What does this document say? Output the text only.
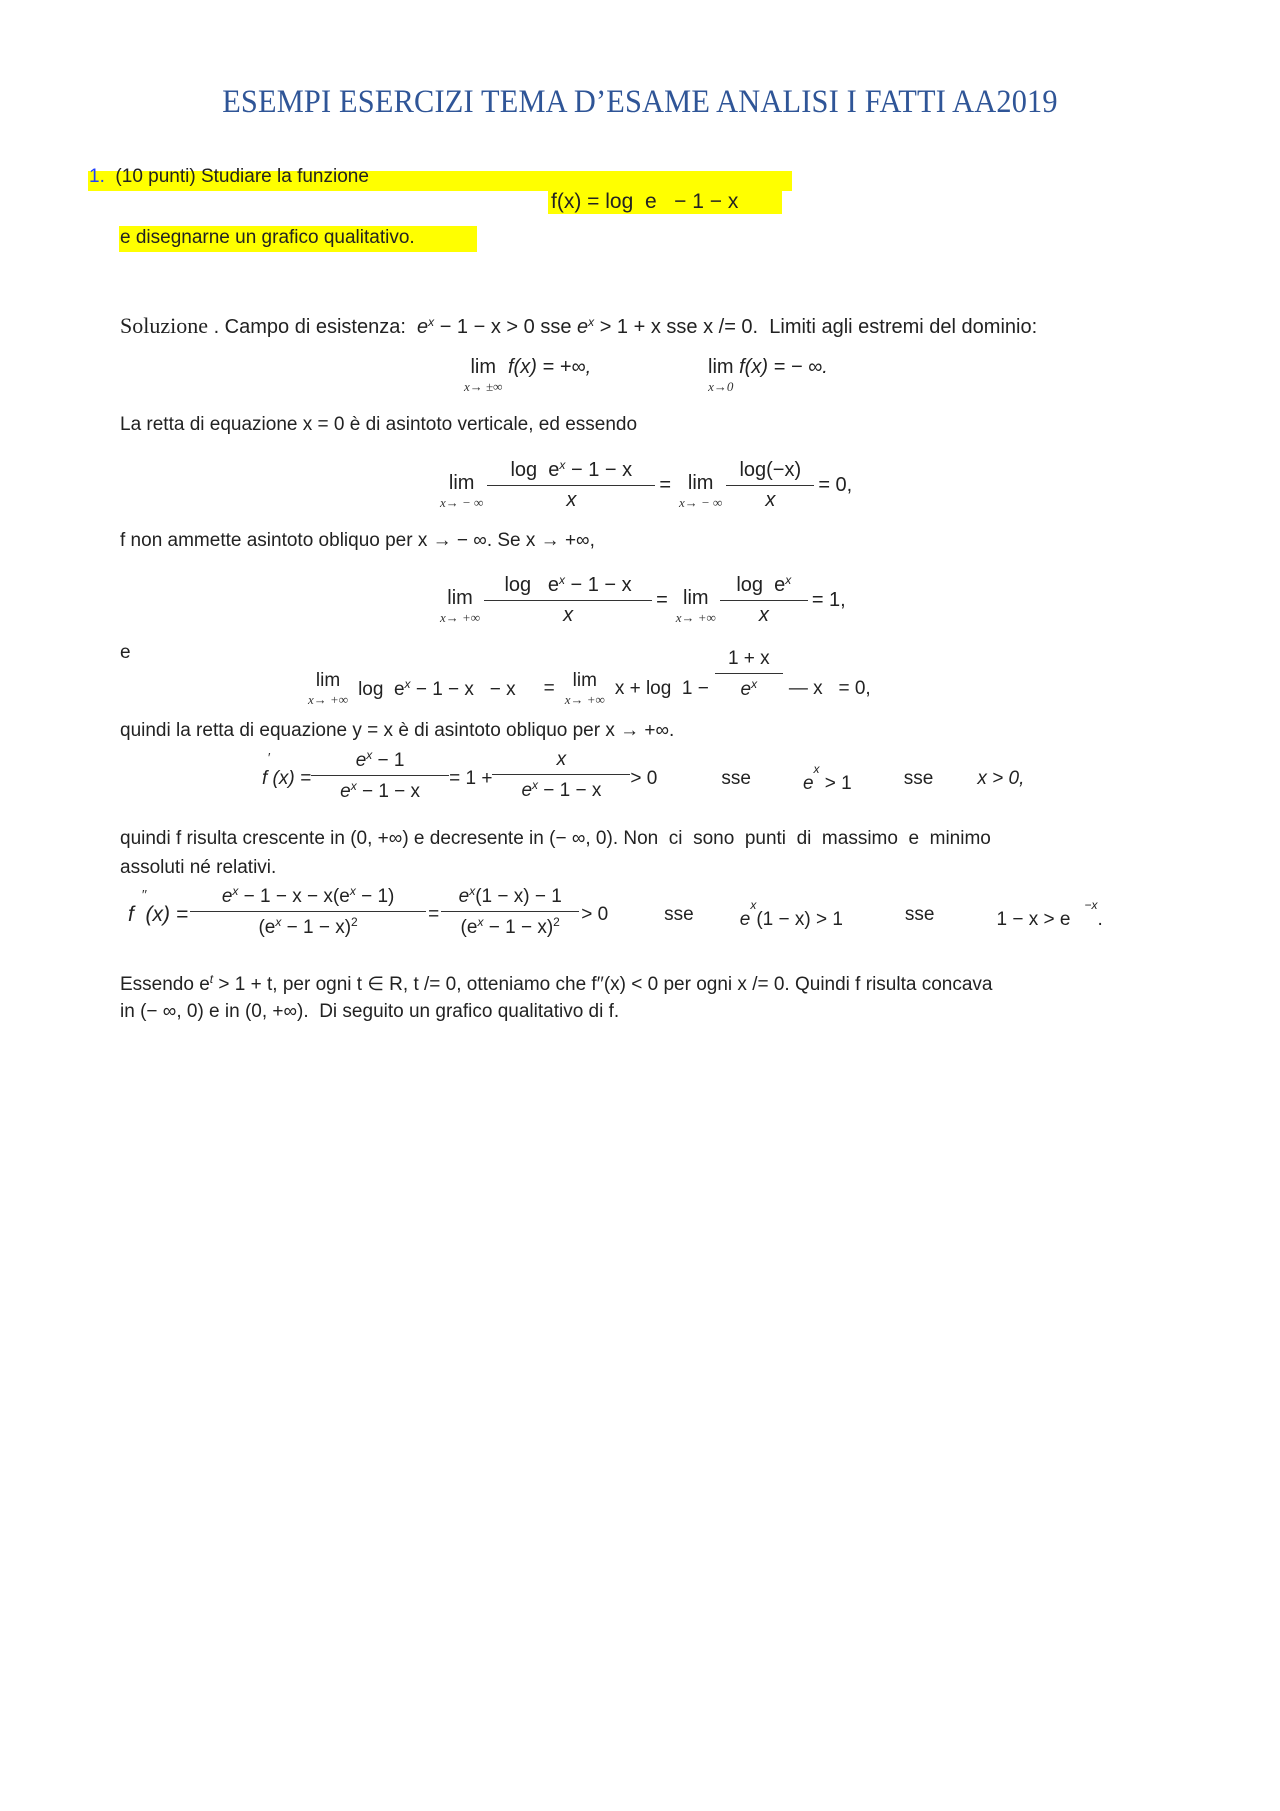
ESEMPI ESERCIZI TEMA D’ESAME ANALISI I FATTI AA2019
1. (10 punti) Studiare la funzione
f(x) = log  e   − 1 − x
e disegnarne un grafico qualitativo.
Soluzione . Campo di esistenza: $e^x - 1 - x > 0$ sse $e^x > 1 + x$ sse x /= 0. Limiti agli estremi del dominio:
lim
x→ ±∞
f(x) = +∞,	lim
x→0
f(x) = − ∞.
La retta di equazione x = 0 è di asintoto verticale, ed essendo
lim
x→ − ∞ $\frac{\log e^x - 1 - x}{x} = \lim$
x→ − ∞ $\frac{\log(-x)}{x} = 0$,
f non ammette asintoto obliquo per x → − ∞. Se x → +∞,
lim
x→ +∞ $\frac{\log e^x - 1 - x}{x} = \lim$
x→ +∞ $\frac{\log e^x}{x} = 1$,
e
lim
x→ +∞ $\log e^x - 1 - x - x = \lim$
x→ +∞
$x + \log 1 - \frac{1 + x}{e^x}$ — x   = 0,
quindi la retta di equazione y = x è di asintoto obliquo per x → +∞.
f (x) =
′ $\frac{e^x - 1}{e^x - 1 - x} = 1 + \frac{x}{e^x - 1 - x} > 0$	sse	$e^x > 1$	sse x > 0,
quindi f risulta crescente in (0, +∞) e decresente in (− ∞, 0). Non  ci  sono  punti  di  massimo  e  minimo
assoluti né relativi.
f  (x) =
′′ $\frac{e^x - 1 - x - x(e^x - 1)}{(e^x - 1 - x)^2} = \frac{e^x(1 - x) - 1}{(e^x - 1 - x)^2} > 0$	sse $e^x(1 - x) > 1$	sse	$1 - x > e^{-x}$.
Essendo $e^t > 1 + t$, per ogni t ∈ R, t /= 0, otteniamo che f′′(x) < 0 per ogni x /= 0. Quindi f risulta concava
in (− ∞, 0) e in (0, +∞).  Di seguito un grafico qualitativo di f.
